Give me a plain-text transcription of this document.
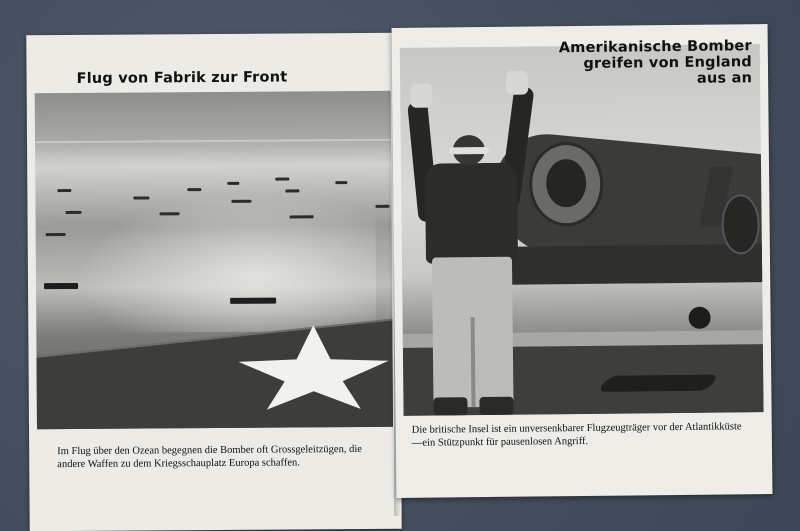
Flug von Fabrik zur Front
Im Flug über den Ozean begegnen die Bomber oft Grossgeleitzügen, die andere Waffen zu dem Kriegsschauplatz Europa schaffen.
Amerikanische Bomber
greifen von England
aus an
Die britische Insel ist ein unversenkbarer Flugzeugträger vor der Atlantikküste—ein Stützpunkt für pausenlosen Angriff.
